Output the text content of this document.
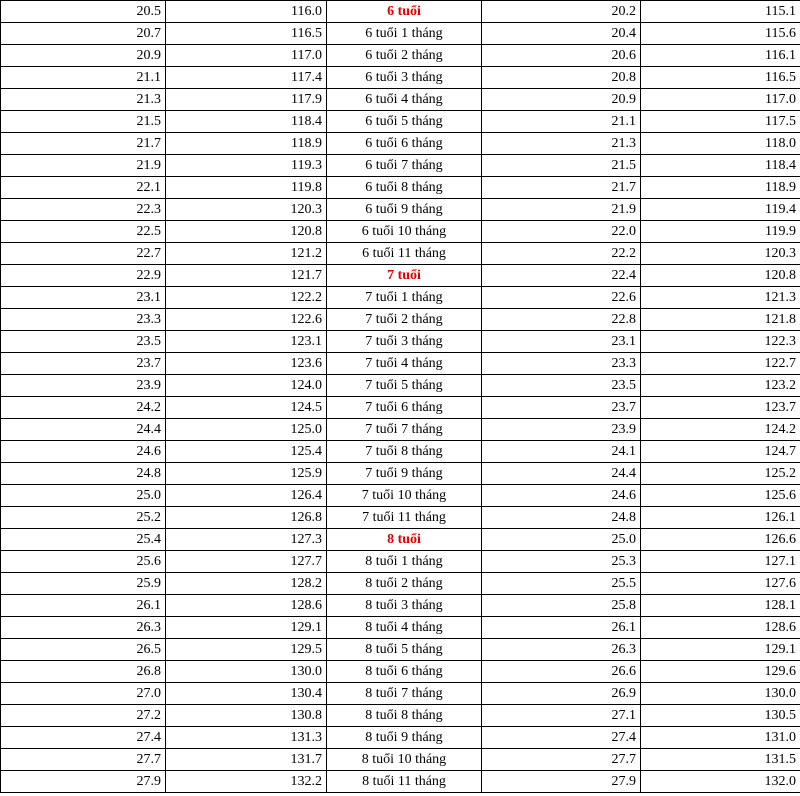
20.5	116.0	6 tuổi	20.2	115.1
20.7	116.5	6 tuổi 1 tháng	20.4	115.6
20.9	117.0	6 tuổi 2 tháng	20.6	116.1
21.1	117.4	6 tuổi 3 tháng	20.8	116.5
21.3	117.9	6 tuổi 4 tháng	20.9	117.0
21.5	118.4	6 tuổi 5 tháng	21.1	117.5
21.7	118.9	6 tuổi 6 tháng	21.3	118.0
21.9	119.3	6 tuổi 7 tháng	21.5	118.4
22.1	119.8	6 tuổi 8 tháng	21.7	118.9
22.3	120.3	6 tuổi 9 tháng	21.9	119.4
22.5	120.8	6 tuổi 10 tháng	22.0	119.9
22.7	121.2	6 tuổi 11 tháng	22.2	120.3
22.9	121.7	7 tuổi	22.4	120.8
23.1	122.2	7 tuổi 1 tháng	22.6	121.3
23.3	122.6	7 tuổi 2 tháng	22.8	121.8
23.5	123.1	7 tuổi 3 tháng	23.1	122.3
23.7	123.6	7 tuổi 4 tháng	23.3	122.7
23.9	124.0	7 tuổi 5 tháng	23.5	123.2
24.2	124.5	7 tuổi 6 tháng	23.7	123.7
24.4	125.0	7 tuổi 7 tháng	23.9	124.2
24.6	125.4	7 tuổi 8 tháng	24.1	124.7
24.8	125.9	7 tuổi 9 tháng	24.4	125.2
25.0	126.4	7 tuổi 10 tháng	24.6	125.6
25.2	126.8	7 tuổi 11 tháng	24.8	126.1
25.4	127.3	8 tuổi	25.0	126.6
25.6	127.7	8 tuổi 1 tháng	25.3	127.1
25.9	128.2	8 tuổi 2 tháng	25.5	127.6
26.1	128.6	8 tuổi 3 tháng	25.8	128.1
26.3	129.1	8 tuổi 4 tháng	26.1	128.6
26.5	129.5	8 tuổi 5 tháng	26.3	129.1
26.8	130.0	8 tuổi 6 tháng	26.6	129.6
27.0	130.4	8 tuổi 7 tháng	26.9	130.0
27.2	130.8	8 tuổi 8 tháng	27.1	130.5
27.4	131.3	8 tuổi 9 tháng	27.4	131.0
27.7	131.7	8 tuổi 10 tháng	27.7	131.5
27.9	132.2	8 tuổi 11 tháng	27.9	132.0
